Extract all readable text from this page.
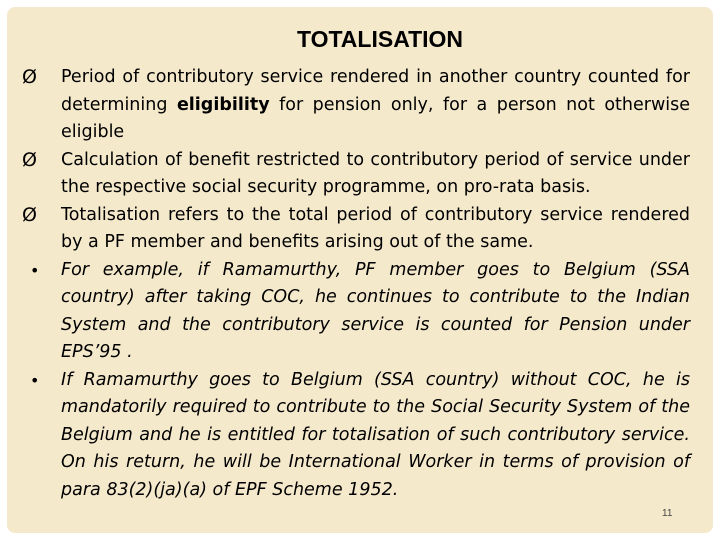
TOTALISATION
Ø	Period of contributory service rendered in another country counted for determining eligibility for pension only, for a person not otherwise eligible
Ø	Calculation of benefit restricted to contributory period of service under the respective social security programme, on pro-rata basis.
Ø	Totalisation refers to the total period of contributory service rendered by a PF member and benefits arising out of the same.
•	For example, if Ramamurthy, PF member goes to Belgium (SSA country) after taking COC, he continues to contribute to the Indian System and the contributory service is counted for Pension under EPS’95 .
•	If Ramamurthy goes to Belgium (SSA country) without COC, he is mandatorily required to contribute to the Social Security System of the Belgium and he is entitled for totalisation of such contributory service. On his return, he will be International Worker in terms of provision of para 83(2)(ja)(a) of EPF Scheme 1952.
11
